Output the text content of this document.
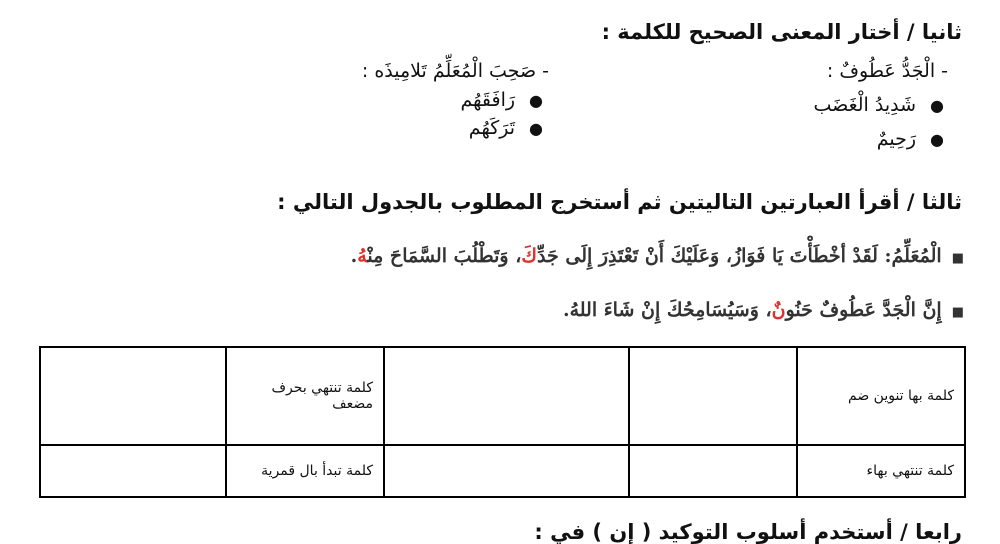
ثانيا / أختار المعنى الصحيح للكلمة :
- الْجَدُّ عَطُوفٌ :
●شَدِيدُ الْغَضَب
●رَحِيمٌ
- صَحِبَ الْمُعَلِّمُ تَلامِيذَه :
●رَافَقَهُم
●تَرَكَهُم
ثالثا / أقرأ العبارتين التاليتين ثم أستخرج المطلوب بالجدول التالي :
■الْمُعَلِّمُ: لَقَدْ أخْطَأْتَ يَا فَوَازُ، وَعَلَيْكَ أَنْ تَعْتَذِرَ إِلَى جَدِّكَ، وَتَطْلُبَ السَّمَاحَ مِنْهُ.
■إِنَّ الْجَدَّ عَطُوفٌ حَنُونٌ، وَسَيُسَامِحُكَ إِنْ شَاءَ اللهُ.
كلمة بها تنوين ضم			كلمة تنتهي بحرف مضعف	
كلمة تنتهي بهاء			كلمة تبدأ بال قمرية	
رابعا / أستخدم أسلوب التوكيد ( إن ) في :
